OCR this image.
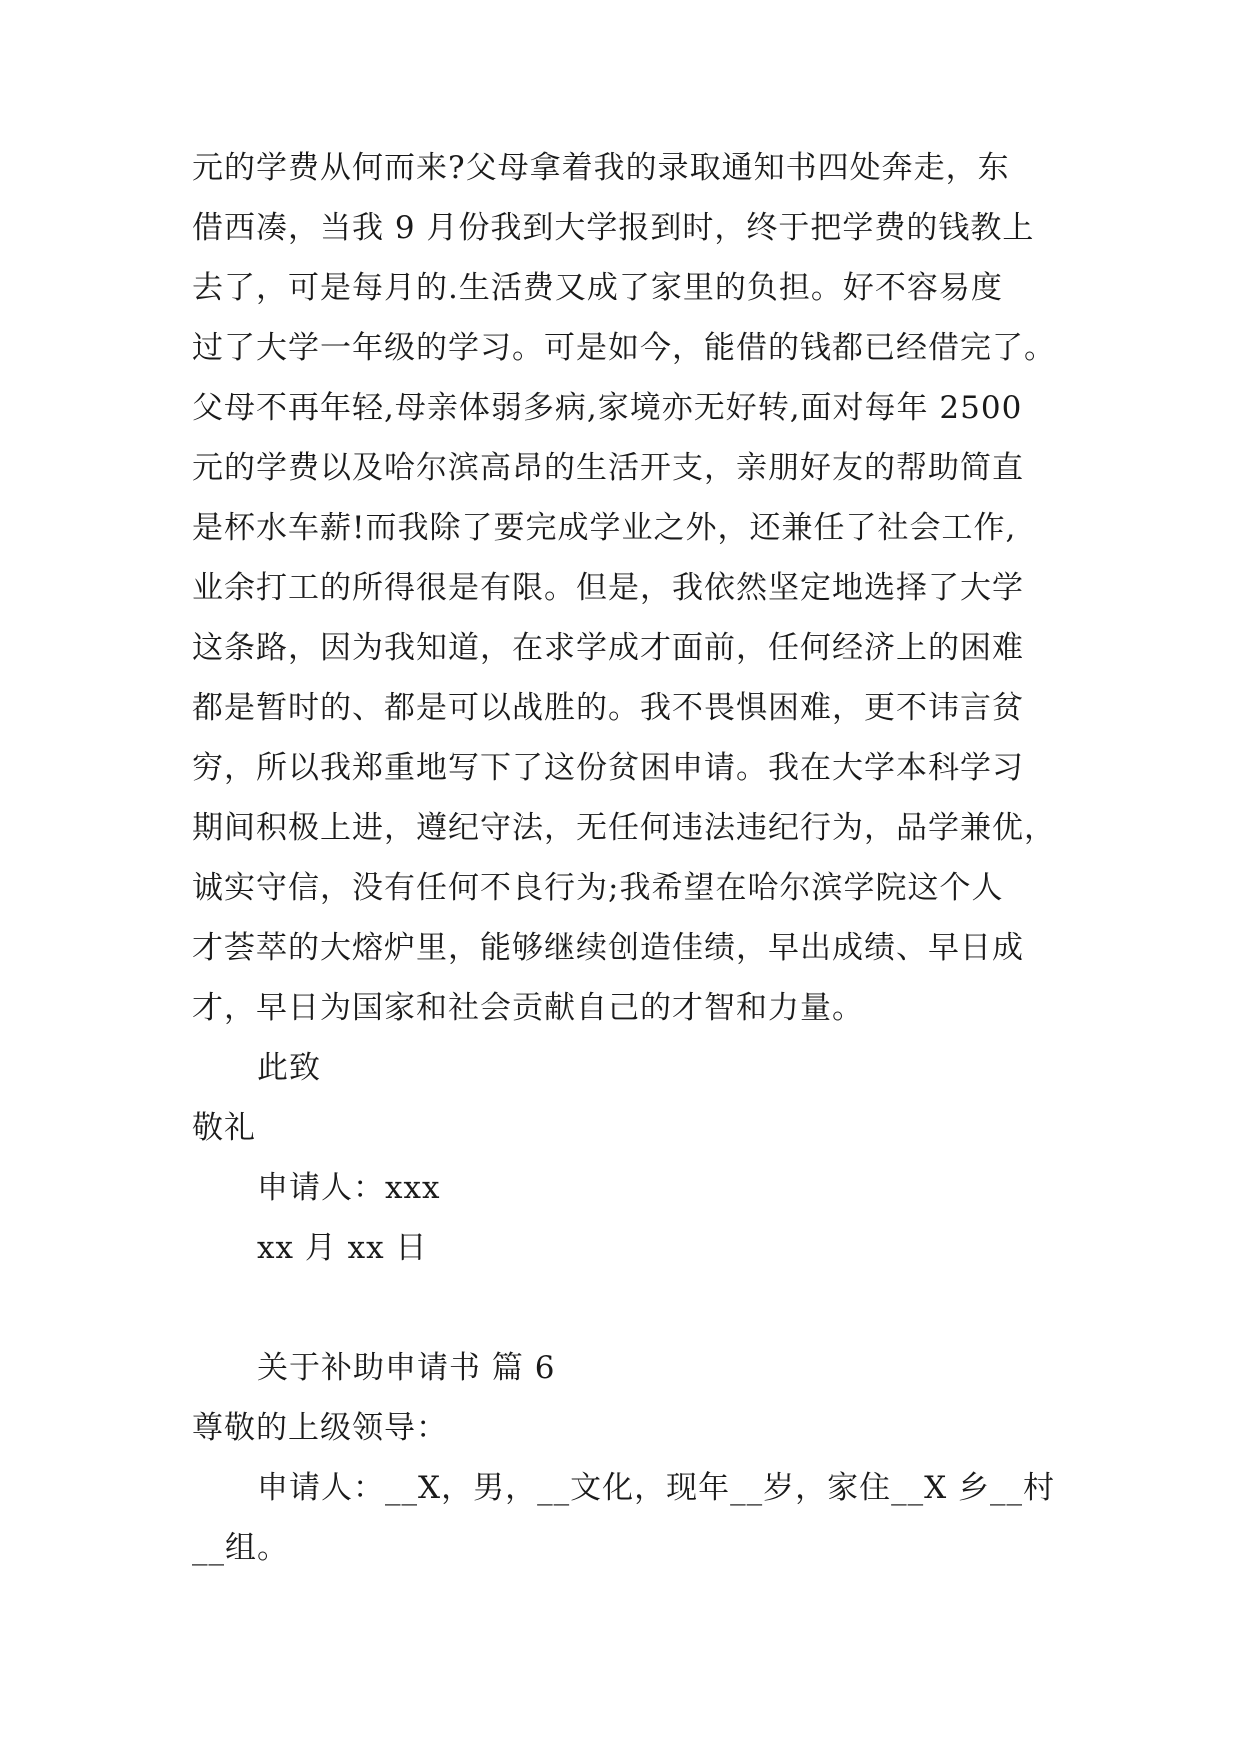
元的学费从何而来?父母拿着我的录取通知书四处奔走，东
借西凑，当我 9 月份我到大学报到时，终于把学费的钱教上
去了，可是每月的.生活费又成了家里的负担。好不容易度
过了大学一年级的学习。可是如今，能借的钱都已经借完了。
父母不再年轻,母亲体弱多病,家境亦无好转,面对每年 2500
元的学费以及哈尔滨高昂的生活开支，亲朋好友的帮助简直
是杯水车薪!而我除了要完成学业之外，还兼任了社会工作,
业余打工的所得很是有限。但是，我依然坚定地选择了大学
这条路，因为我知道，在求学成才面前，任何经济上的困难
都是暂时的、都是可以战胜的。我不畏惧困难，更不讳言贫
穷，所以我郑重地写下了这份贫困申请。我在大学本科学习
期间积极上进，遵纪守法，无任何违法违纪行为，品学兼优，
诚实守信，没有任何不良行为;我希望在哈尔滨学院这个人
才荟萃的大熔炉里，能够继续创造佳绩，早出成绩、早日成
才，早日为国家和社会贡献自己的才智和力量。
此致
敬礼
申请人：xxx
xx 月 xx 日
关于补助申请书 篇 6
尊敬的上级领导：
申请人：__X，男，__文化，现年__岁，家住__X 乡__村
__组。
